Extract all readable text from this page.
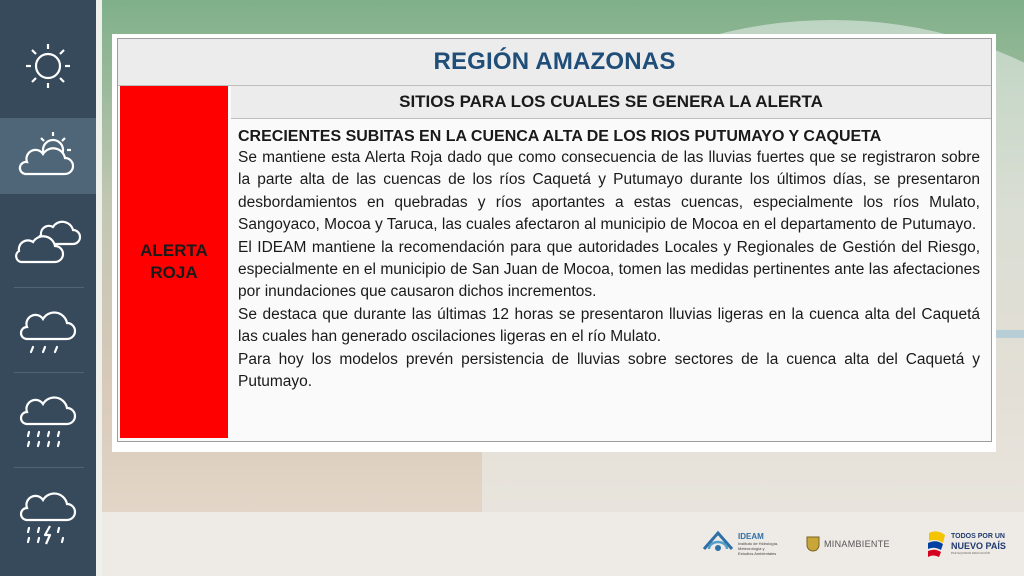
REGIÓN AMAZONAS
ALERTA
ROJA
SITIOS PARA LOS CUALES SE GENERA LA ALERTA

CRECIENTES SUBITAS EN LA CUENCA ALTA DE LOS RIOS PUTUMAYO Y CAQUETA

Se mantiene esta Alerta Roja dado que como consecuencia de las lluvias fuertes que se registraron sobre la parte alta de las cuencas de los ríos Caquetá y Putumayo durante los últimos días, se presentaron desbordamientos en quebradas y ríos aportantes a estas cuencas, especialmente los ríos Mulato, Sangoyaco, Mocoa y Taruca, las cuales afectaron al municipio de Mocoa en el departamento de Putumayo.

El IDEAM mantiene la recomendación para que autoridades Locales y Regionales de Gestión del Riesgo, especialmente en el municipio de San Juan de Mocoa, tomen las medidas pertinentes ante las afectaciones por inundaciones que causaron dichos incrementos.

Se destaca que durante las últimas 12 horas se presentaron lluvias ligeras en la cuenca alta del Caquetá las cuales han generado oscilaciones ligeras en el río Mulato.

Para hoy los modelos prevén persistencia de lluvias sobre sectores de la cuenca alta del Caquetá y Putumayo.

IDEAM
Instituto de Hidrología,
Meteorología y
Estudios Ambientales
MINAMBIENTE
TODOS POR UN
NUEVO PAÍS
PAZ EQUIDAD EDUCACIÓN
